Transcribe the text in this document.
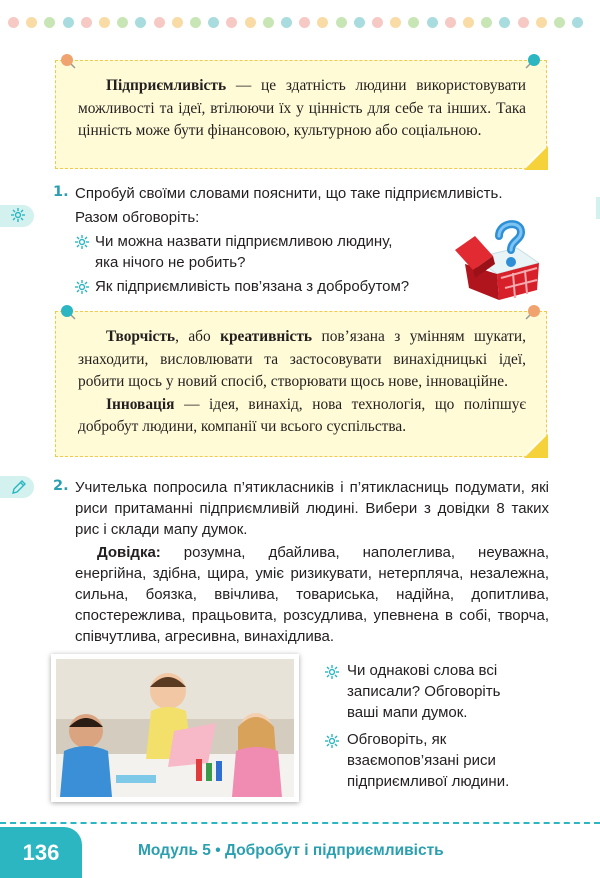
Підприємливість — це здатність людини використовувати можливості та ідеї, втілюючи їх у цінність для себе та інших. Така цінність може бути фінансовою, культурною або соціальною.

1. Спробуй своїми словами пояснити, що таке підприємливість.
Разом обговоріть:
Чи можна назвати підприємливою людину,
яка нічого не робить?
Як підприємливість пов’язана з добробутом?

Творчість, або креативність пов’язана з умінням шукати, знаходити, висловлювати та застосовувати винахідницькі ідеї, робити щось у новий спосіб, створювати щось нове, інноваційне.

Інновація — ідея, винахід, нова технологія, що поліпшує добробут людини, компанії чи всього суспільства.

2. Учителька попросила п’ятикласників і п’ятикласниць подумати, які риси притаманні підприємливій людині. Вибери з довідки 8 таких рис і склади мапу думок.
Довідка: розумна, дбайлива, наполеглива, неуважна, енергійна, здібна, щира, уміє ризикувати, нетерпляча, незалежна, сильна, боязка, ввічлива, товариська, надійна, допитлива, спостережлива, працьовита, розсудлива, упевнена в собі, творча, співчутлива, агресивна, винахідлива.
Чи однакові слова всі записали? Обговоріть ваші мапи думок.
Обговоріть, як взаємопов’язані риси підприємливої людини.
136	Модуль 5 • Добробут і підприємливість
